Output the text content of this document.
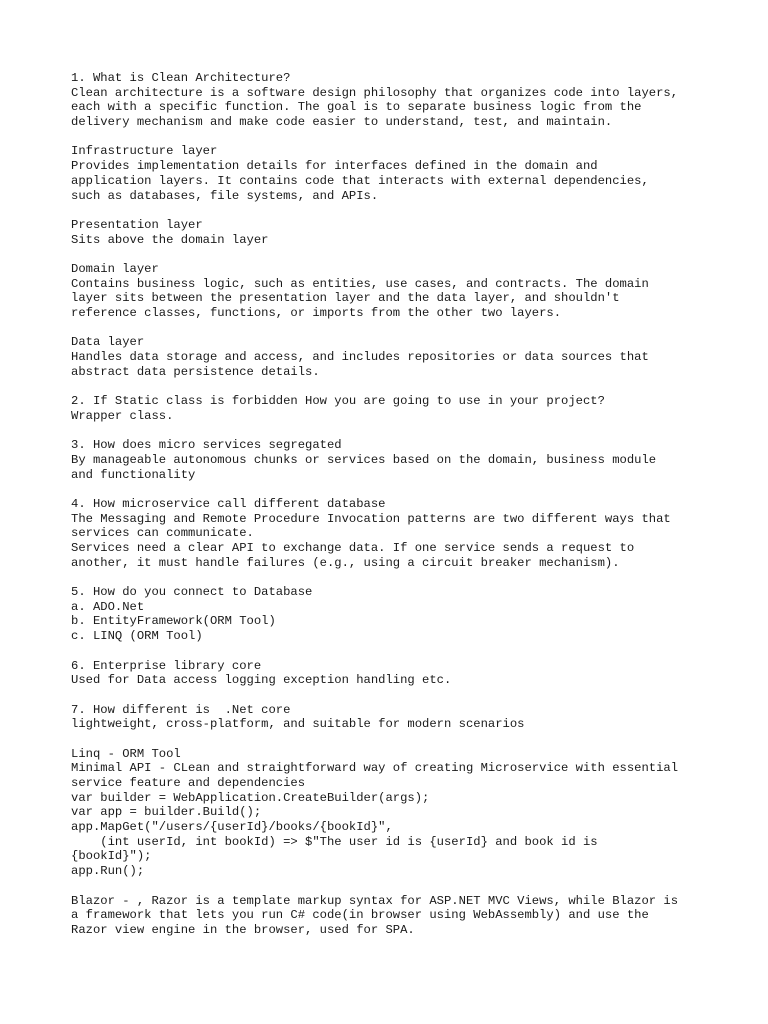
1. What is Clean Architecture?
Clean architecture is a software design philosophy that organizes code into layers,
each with a specific function. The goal is to separate business logic from the
delivery mechanism and make code easier to understand, test, and maintain.
Infrastructure layer
Provides implementation details for interfaces defined in the domain and
application layers. It contains code that interacts with external dependencies,
such as databases, file systems, and APIs.
Presentation layer
Sits above the domain layer
Domain layer
Contains business logic, such as entities, use cases, and contracts. The domain
layer sits between the presentation layer and the data layer, and shouldn't
reference classes, functions, or imports from the other two layers.
Data layer
Handles data storage and access, and includes repositories or data sources that
abstract data persistence details.
2. If Static class is forbidden How you are going to use in your project?
Wrapper class.
3. How does micro services segregated
By manageable autonomous chunks or services based on the domain, business module
and functionality
4. How microservice call different database
The Messaging and Remote Procedure Invocation patterns are two different ways that
services can communicate.
Services need a clear API to exchange data. If one service sends a request to
another, it must handle failures (e.g., using a circuit breaker mechanism).
5. How do you connect to Database
a. ADO.Net
b. EntityFramework(ORM Tool)
c. LINQ (ORM Tool)
6. Enterprise library core
Used for Data access logging exception handling etc.
7. How different is  .Net core
lightweight, cross-platform, and suitable for modern scenarios
Linq - ORM Tool
Minimal API - CLean and straightforward way of creating Microservice with essential
service feature and dependencies
var builder = WebApplication.CreateBuilder(args);
var app = builder.Build();
app.MapGet("/users/{userId}/books/{bookId}",
(int userId, int bookId) => $"The user id is {userId} and book id is
{bookId}");
app.Run();
Blazor - , Razor is a template markup syntax for ASP.NET MVC Views, while Blazor is
a framework that lets you run C# code(in browser using WebAssembly) and use the
Razor view engine in the browser, used for SPA.
